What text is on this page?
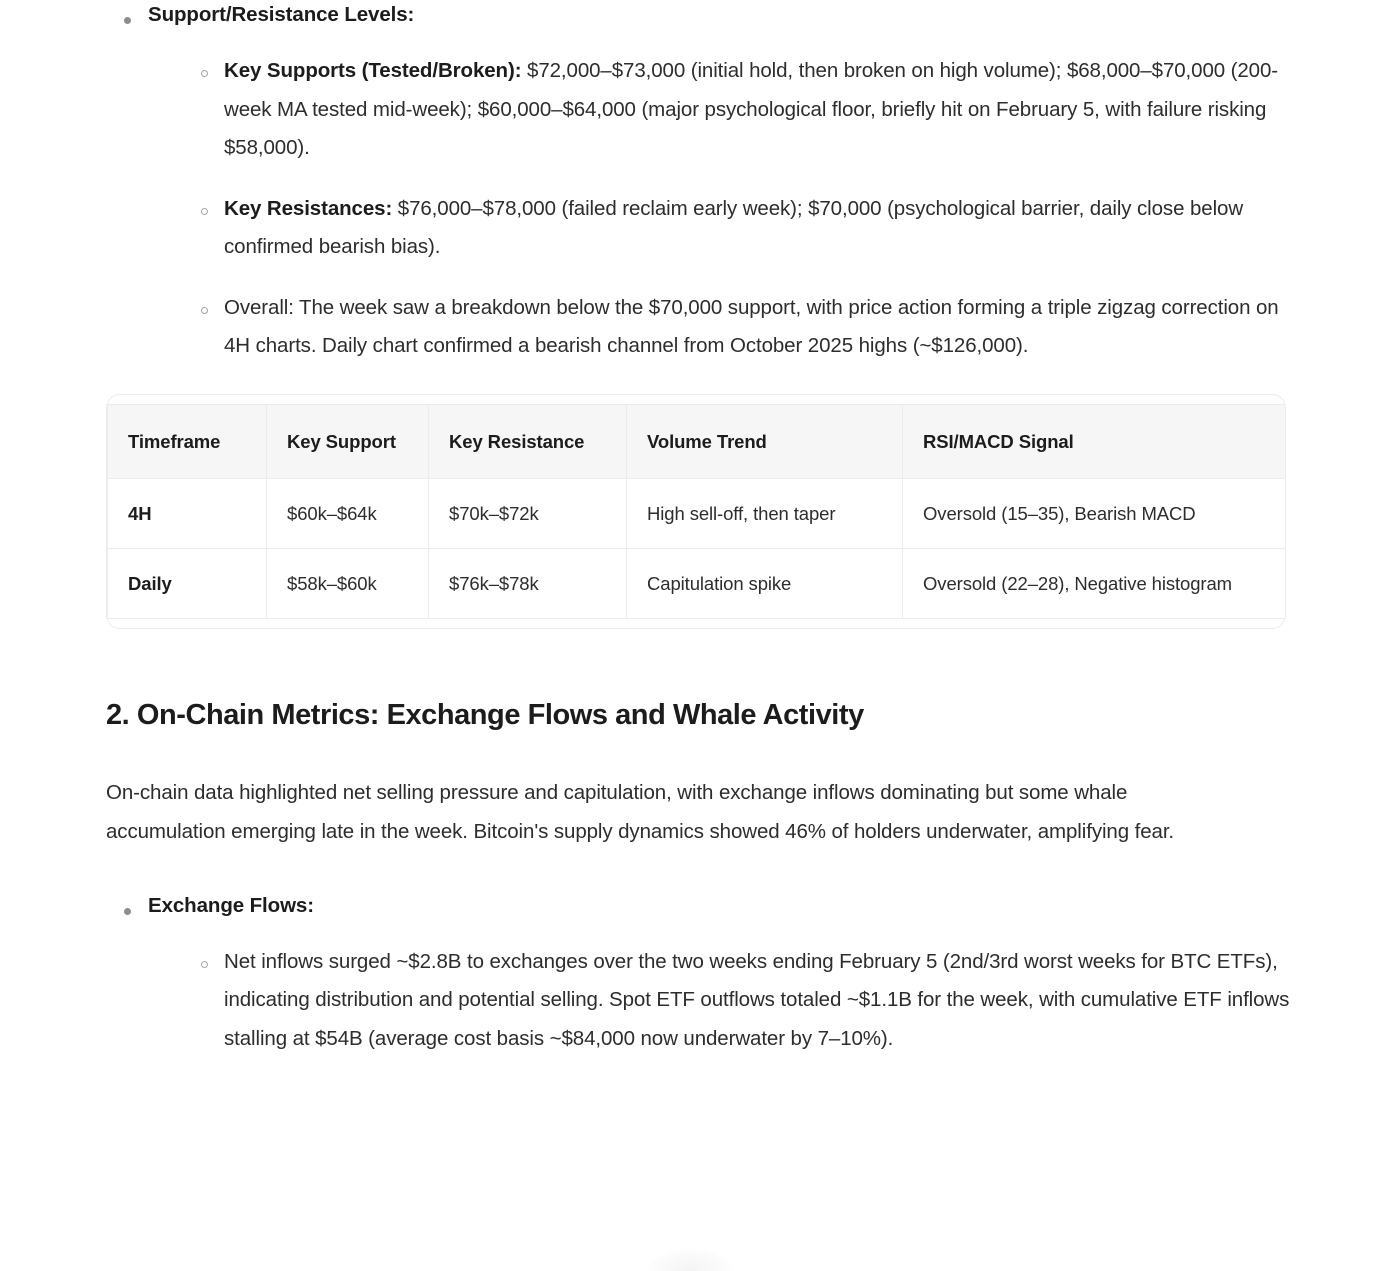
Support/Resistance Levels:
Key Supports (Tested/Broken): $72,000–$73,000 (initial hold, then broken on high volume); $68,000–$70,000 (200-week MA tested mid-week); $60,000–$64,000 (major psychological floor, briefly hit on February 5, with failure risking $58,000).
Key Resistances: $76,000–$78,000 (failed reclaim early week); $70,000 (psychological barrier, daily close below confirmed bearish bias).
Overall: The week saw a breakdown below the $70,000 support, with price action forming a triple zigzag correction on 4H charts. Daily chart confirmed a bearish channel from October 2025 highs (~$126,000).
Timeframe	Key Support	Key Resistance	Volume Trend	RSI/MACD Signal
4H	$60k–$64k	$70k–$72k	High sell-off, then taper	Oversold (15–35), Bearish MACD
Daily	$58k–$60k	$76k–$78k	Capitulation spike	Oversold (22–28), Negative histogram
2. On-Chain Metrics: Exchange Flows and Whale Activity

On-chain data highlighted net selling pressure and capitulation, with exchange inflows dominating but some whale accumulation emerging late in the week. Bitcoin's supply dynamics showed 46% of holders underwater, amplifying fear.

Exchange Flows:
Net inflows surged ~$2.8B to exchanges over the two weeks ending February 5 (2nd/3rd worst weeks for BTC ETFs), indicating distribution and potential selling. Spot ETF outflows totaled ~$1.1B for the week, with cumulative ETF inflows stalling at $54B (average cost basis ~$84,000 now underwater by 7–10%).
